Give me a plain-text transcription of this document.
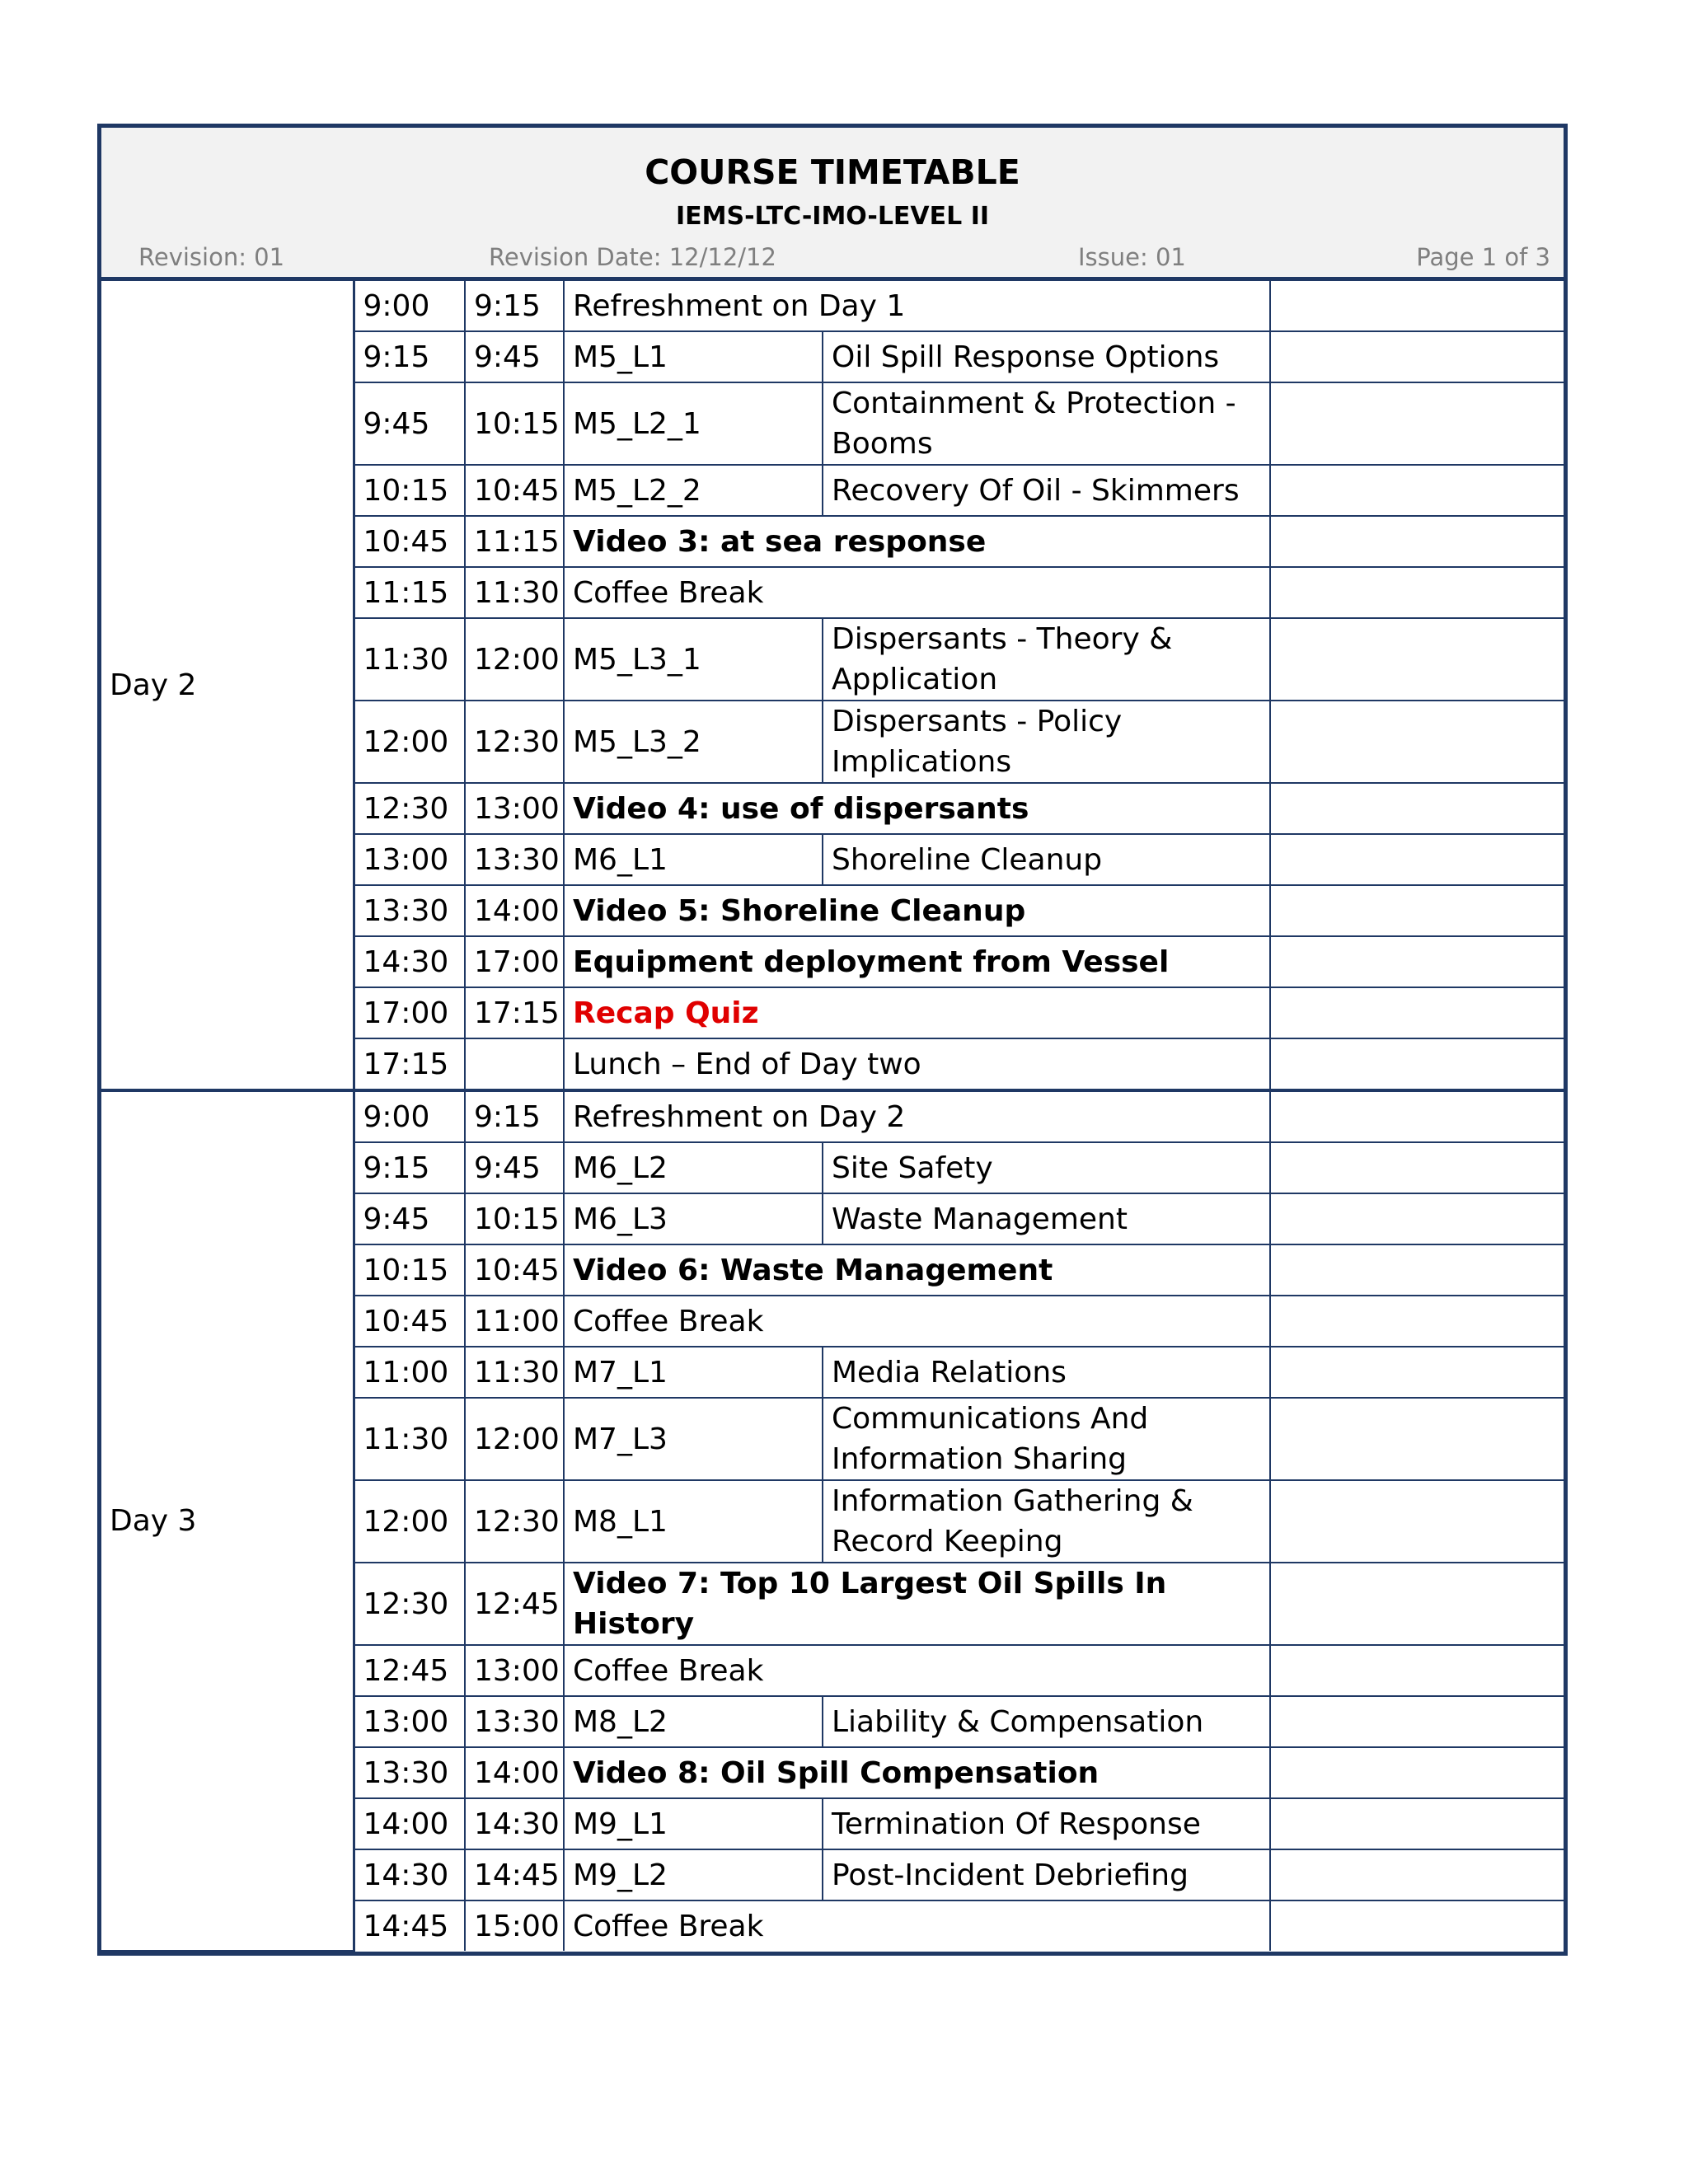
COURSE TIMETABLE
IEMS-LTC-IMO-LEVEL II
Revision: 01	Revision Date: 12/12/12	Issue: 01	Page 1 of 3
Day 2	9:00	9:15	Refreshment on Day 1		
	9:15	9:45	M5_L1	Oil Spill Response Options	
	9:45	10:15	M5_L2_1	Containment & Protection - Booms	
	10:15	10:45	M5_L2_2	Recovery Of Oil - Skimmers	
	10:45	11:15	Video 3: at sea response		
	11:15	11:30	Coffee Break		
	11:30	12:00	M5_L3_1	Dispersants - Theory & Application	
	12:00	12:30	M5_L3_2	Dispersants - Policy Implications	
	12:30	13:00	Video 4: use of dispersants		
	13:00	13:30	M6_L1	Shoreline Cleanup	
	13:30	14:00	Video 5: Shoreline Cleanup		
	14:30	17:00	Equipment deployment from Vessel		
	17:00	17:15	Recap Quiz		
	17:15		Lunch – End of Day two		
Day 3	9:00	9:15	Refreshment on Day 2		
	9:15	9:45	M6_L2	Site Safety	
	9:45	10:15	M6_L3	Waste Management	
	10:15	10:45	Video 6: Waste Management		
	10:45	11:00	Coffee Break		
	11:00	11:30	M7_L1	Media Relations	
	11:30	12:00	M7_L3	Communications And Information Sharing	
	12:00	12:30	M8_L1	Information Gathering & Record Keeping	
	12:30	12:45	Video 7: Top 10 Largest Oil Spills In History		
	12:45	13:00	Coffee Break		
	13:00	13:30	M8_L2	Liability & Compensation	
	13:30	14:00	Video 8: Oil Spill Compensation		
	14:00	14:30	M9_L1	Termination Of Response	
	14:30	14:45	M9_L2	Post-Incident Debriefing	
	14:45	15:00	Coffee Break		
